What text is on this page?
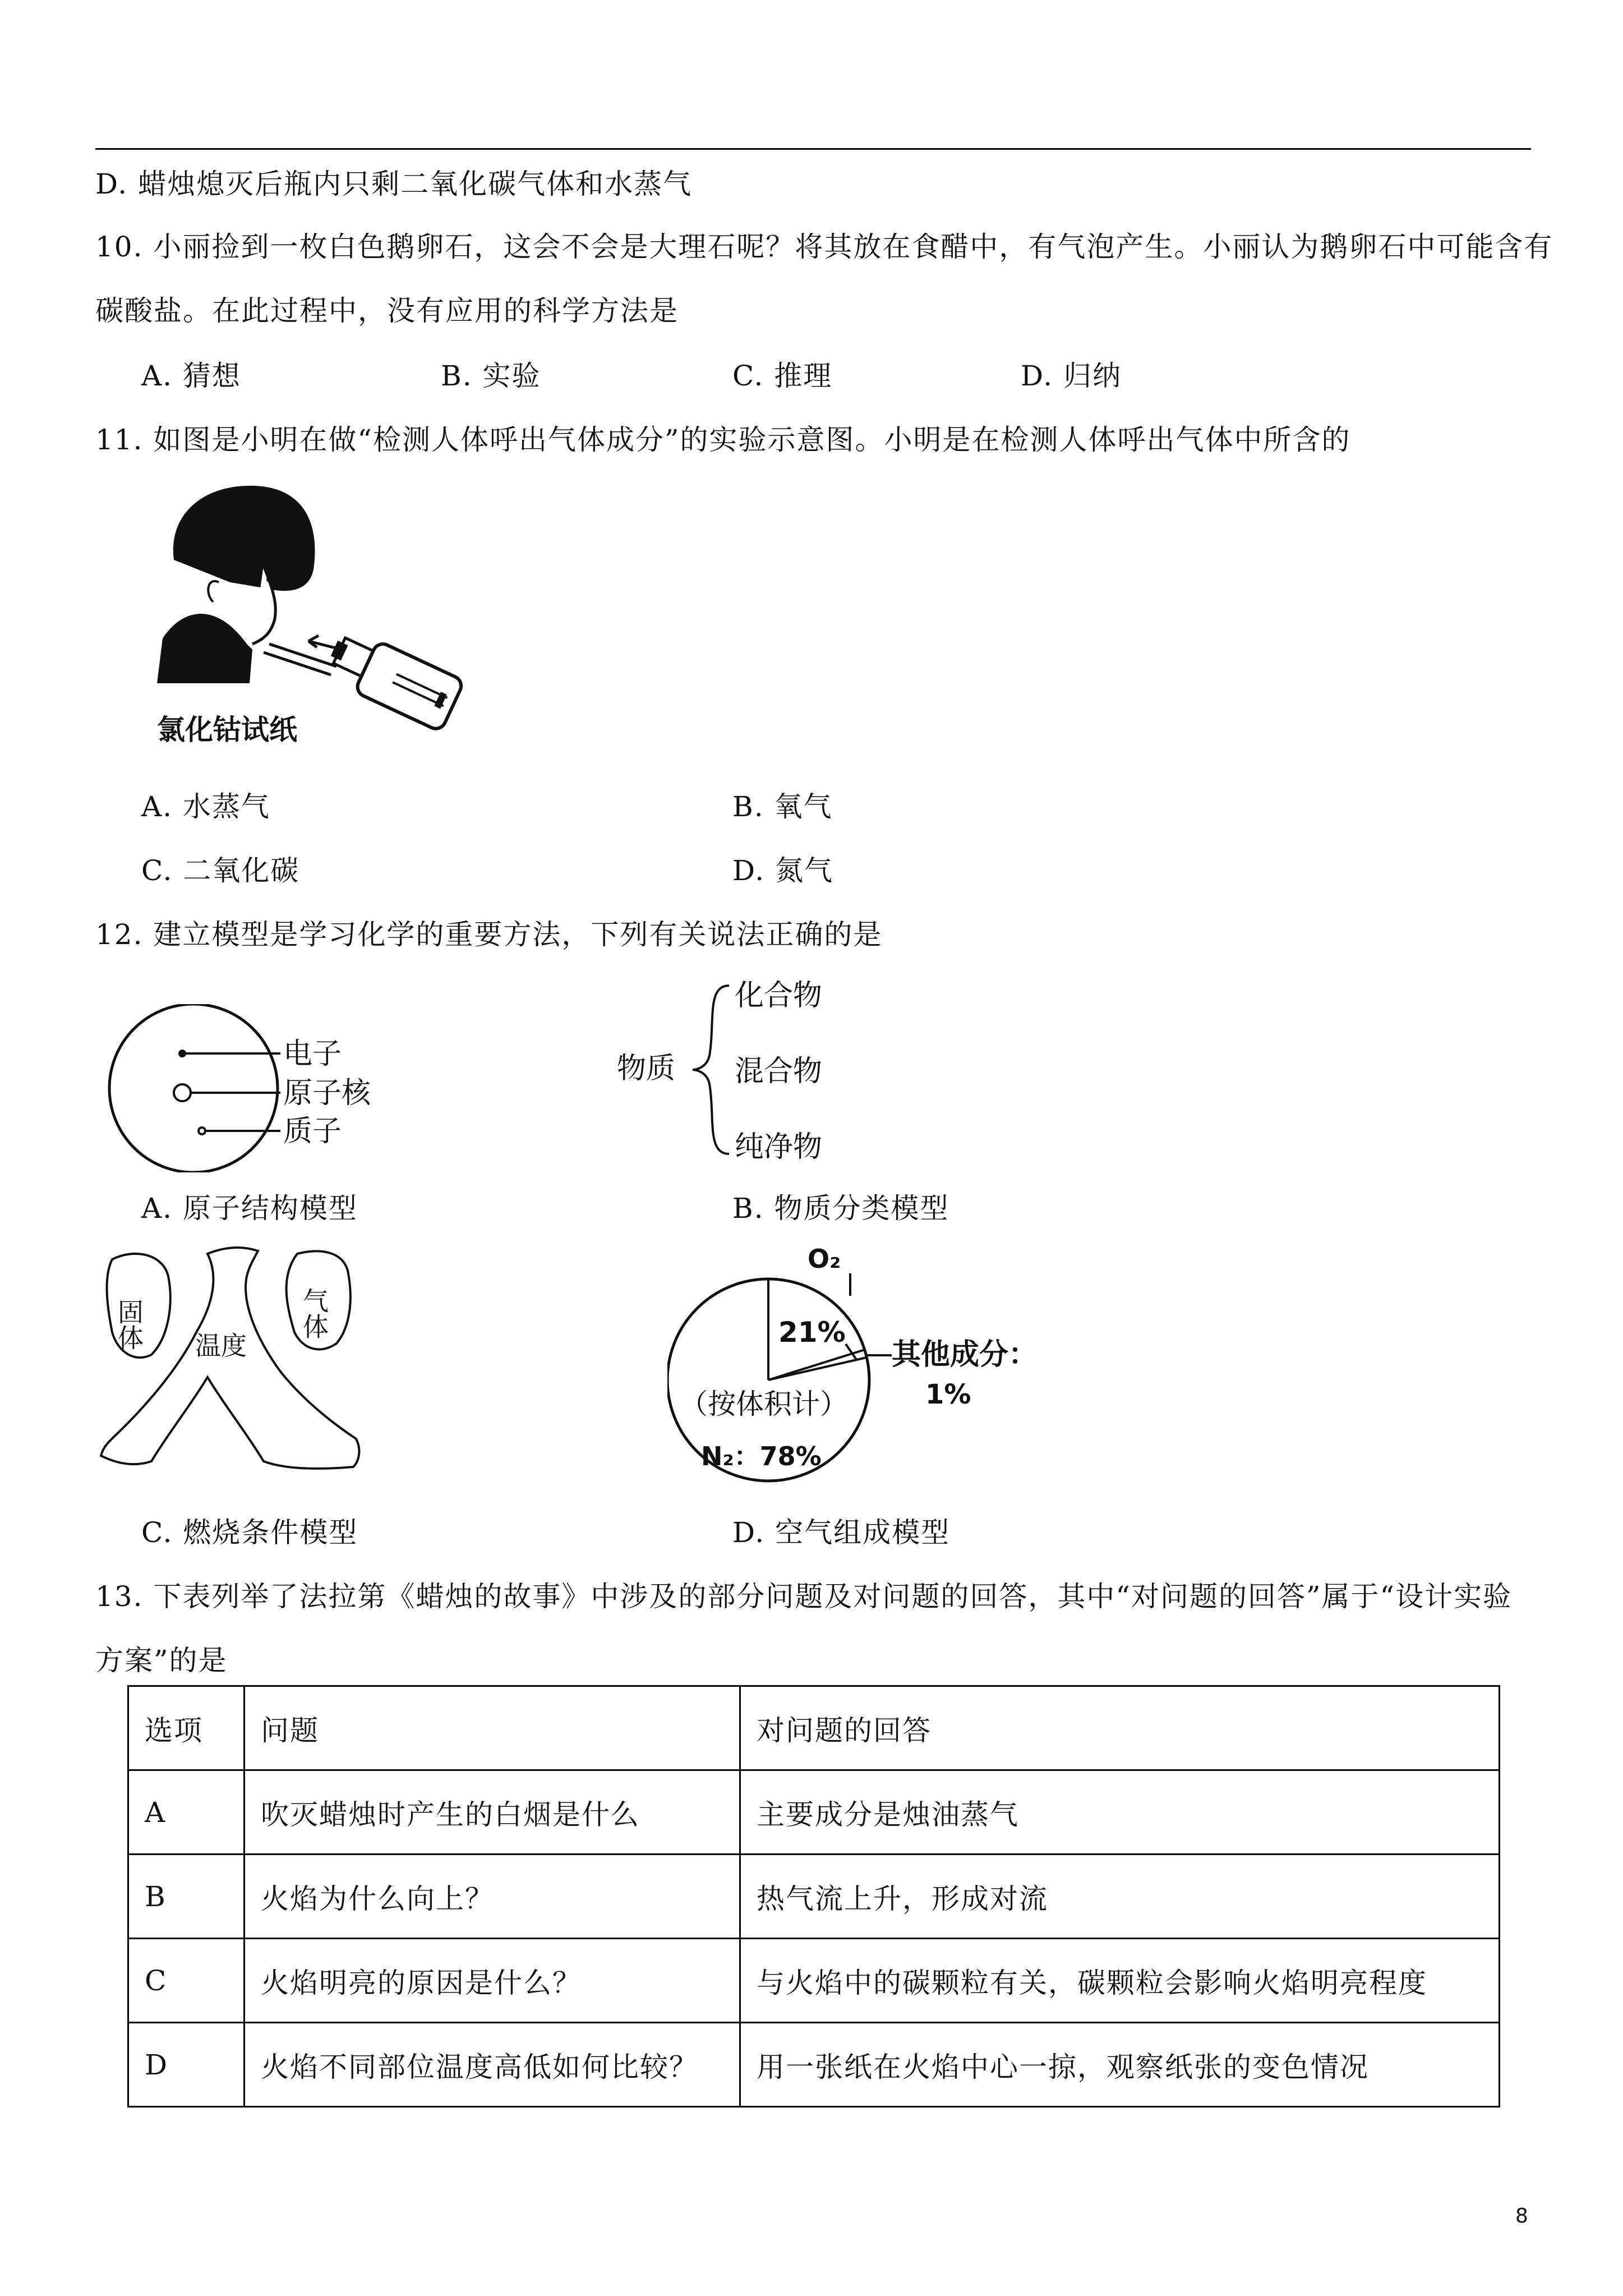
D. 蜡烛熄灭后瓶内只剩二氧化碳气体和水蒸气
10. 小丽捡到一枚白色鹅卵石，这会不会是大理石呢？将其放在食醋中，有气泡产生。小丽认为鹅卵石中可能含有
碳酸盐。在此过程中，没有应用的科学方法是
A. 猜想	B. 实验	C. 推理	D. 归纳
11. 如图是小明在做“检测人体呼出气体成分”的实验示意图。小明是在检测人体呼出气体中所含的
氯化钴试纸
A. 水蒸气	B. 氧气
C. 二氧化碳	D. 氮气
12. 建立模型是学习化学的重要方法，下列有关说法正确的是
电子
原子核
质子
物质
化合物
混合物
纯净物
A. 原子结构模型	B. 物质分类模型
固体 温度
气体
O₂
21%
其他成分：
1%
（按体积计）
N₂：78%
C. 燃烧条件模型	D. 空气组成模型
13. 下表列举了法拉第《蜡烛的故事》中涉及的部分问题及对问题的回答，其中“对问题的回答”属于“设计实验
方案”的是
选项	问题	对问题的回答
A	吹灭蜡烛时产生的白烟是什么	主要成分是烛油蒸气
B	火焰为什么向上？	热气流上升，形成对流
C	火焰明亮的原因是什么？	与火焰中的碳颗粒有关，碳颗粒会影响火焰明亮程度
D	火焰不同部位温度高低如何比较？	用一张纸在火焰中心一掠，观察纸张的变色情况
8
